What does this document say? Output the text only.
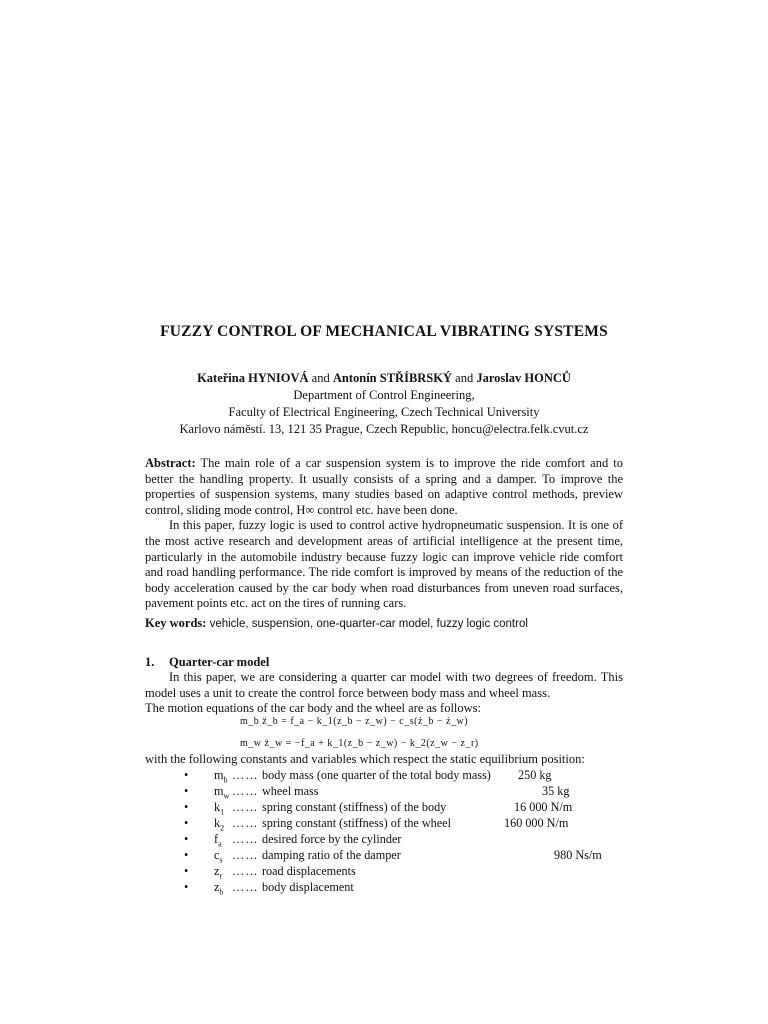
FUZZY CONTROL OF MECHANICAL VIBRATING SYSTEMS
Kateřina HYNIOVÁ and Antonín STŘÍBRSKÝ and Jaroslav HONCŮ
Department of Control Engineering,
Faculty of Electrical Engineering, Czech Technical University
Karlovo náměstí. 13, 121 35 Prague, Czech Republic, honcu@electra.felk.cvut.cz
Abstract: The main role of a car suspension system is to improve the ride comfort and to better the handling property. It usually consists of a spring and a damper. To improve the properties of suspension systems, many studies based on adaptive control methods, preview control, sliding mode control, H∞ control etc. have been done.
In this paper, fuzzy logic is used to control active hydropneumatic suspension. It is one of the most active research and development areas of artificial intelligence at the present time, particularly in the automobile industry because fuzzy logic can improve vehicle ride comfort and road handling performance. The ride comfort is improved by means of the reduction of the body acceleration caused by the car body when road disturbances from uneven road surfaces, pavement points etc. act on the tires of running cars.
Key words: vehicle, suspension, one-quarter-car model, fuzzy logic control
1. Quarter-car model
In this paper, we are considering a quarter car model with two degrees of freedom. This model uses a unit to create the control force between body mass and wheel mass.
The motion equations of the car body and the wheel are as follows:
m_b z̈_b = f_a − k_1(z_b − z_w) − c_s(ż_b − ż_w)
m_w z̈_w = −f_a + k_1(z_b − z_w) − k_2(z_w − z_r)
with the following constants and variables which respect the static equilibrium position:
•	$m_b$ …… body mass (one quarter of the total body mass)	250 kg
•	$m_w$ …… wheel mass	35 kg
•	$k_1$ …… spring constant (stiffness) of the body	16 000 N/m
•	$k_2$ …… spring constant (stiffness) of the wheel	160 000 N/m
•	$f_a$ …… desired force by the cylinder
•	$c_s$ …… damping ratio of the damper	980 Ns/m
•	$z_r$ …… road displacements
•	$z_b$ …… body displacement
